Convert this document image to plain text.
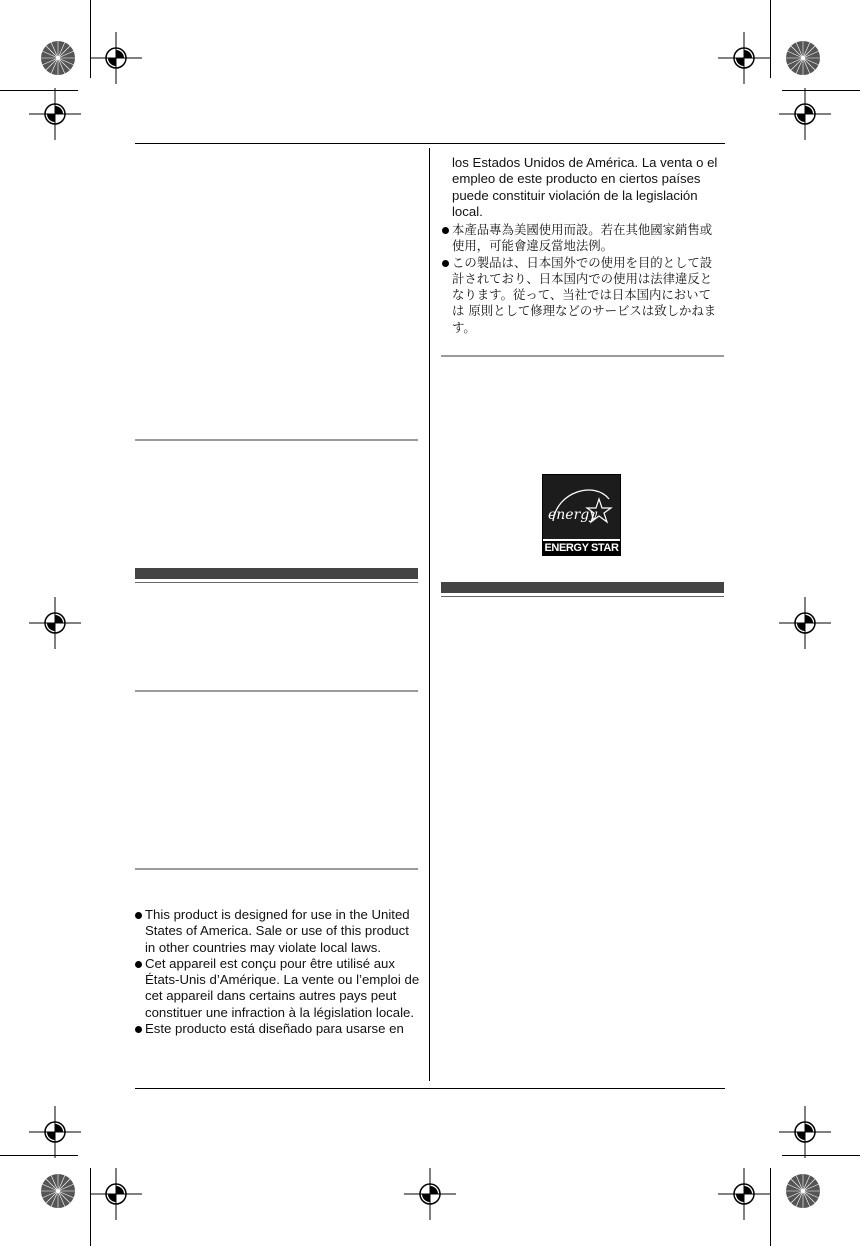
This product is designed for use in the United States of America. Sale or use of this product in other countries may violate local laws.
Cet appareil est conçu pour être utilisé aux États-Unis d’Amérique. La vente ou l’emploi de cet appareil dans certains autres pays peut constituer une infraction à la législation locale.
Este producto está diseñado para usarse en

los Estados Unidos de América. La venta o el empleo de este producto en ciertos países puede constituir violación de la legislación local.

本產品專為美國使用而設。若在其他國家銷售或使用，可能會違反當地法例。
この製品は、日本国外での使用を目的として設計されており、日本国内での使用は法律違反となります。従って、当社では日本国内においては 原則として修理などのサービスは致しかねます。
energy
ENERGY STAR
